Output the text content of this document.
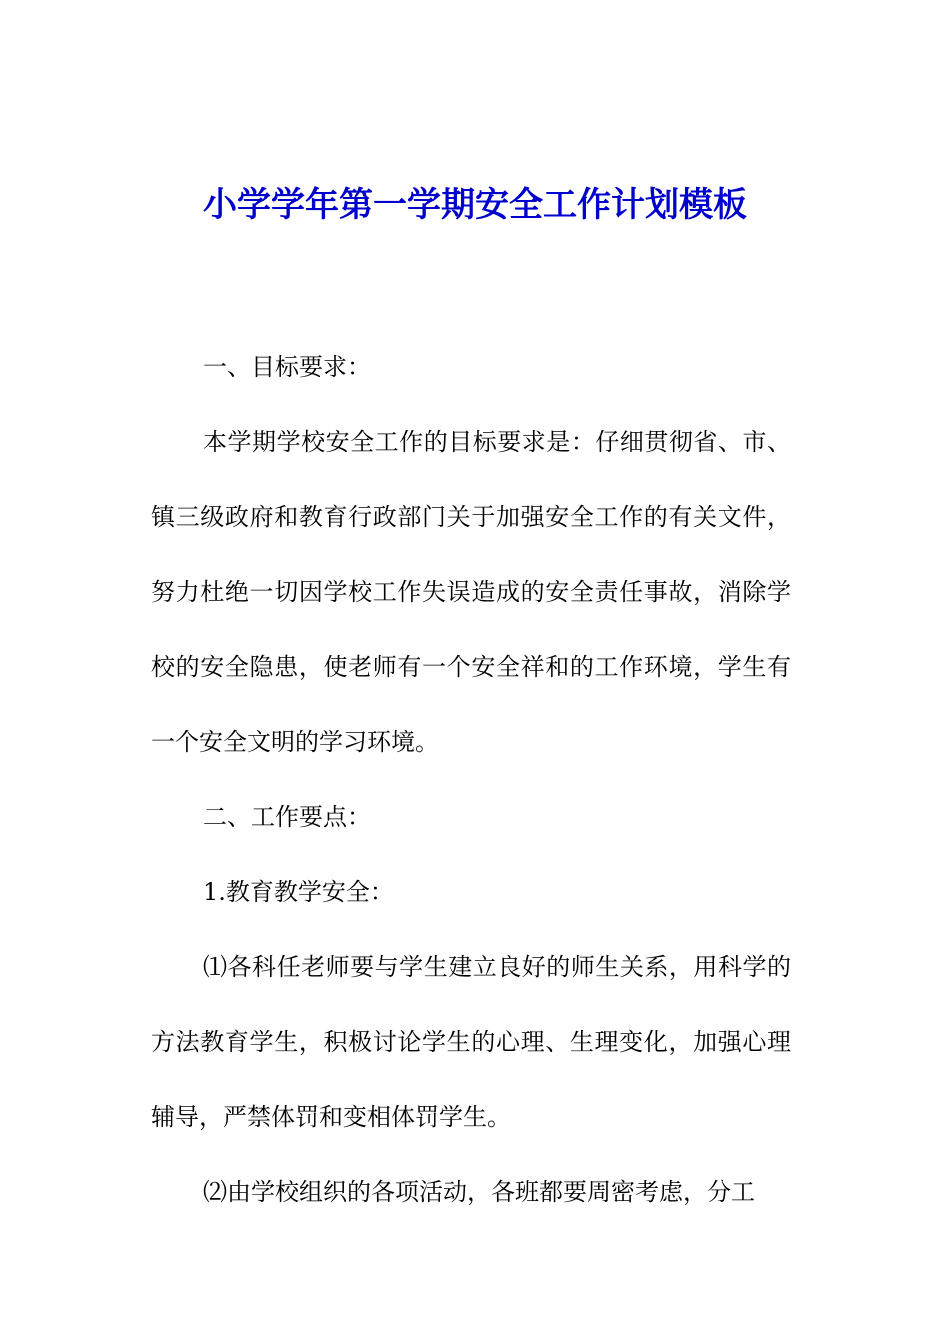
小学学年第一学期安全工作计划模板

一、目标要求：

本学期学校安全工作的目标要求是：仔细贯彻省、市、镇三级政府和教育行政部门关于加强安全工作的有关文件，努力杜绝一切因学校工作失误造成的安全责任事故，消除学校的安全隐患，使老师有一个安全祥和的工作环境，学生有一个安全文明的学习环境。

二、工作要点：

1.教育教学安全：

⑴各科任老师要与学生建立良好的师生关系，用科学的方法教育学生，积极讨论学生的心理、生理变化，加强心理辅导，严禁体罚和变相体罚学生。

⑵由学校组织的各项活动，各班都要周密考虑，分工
